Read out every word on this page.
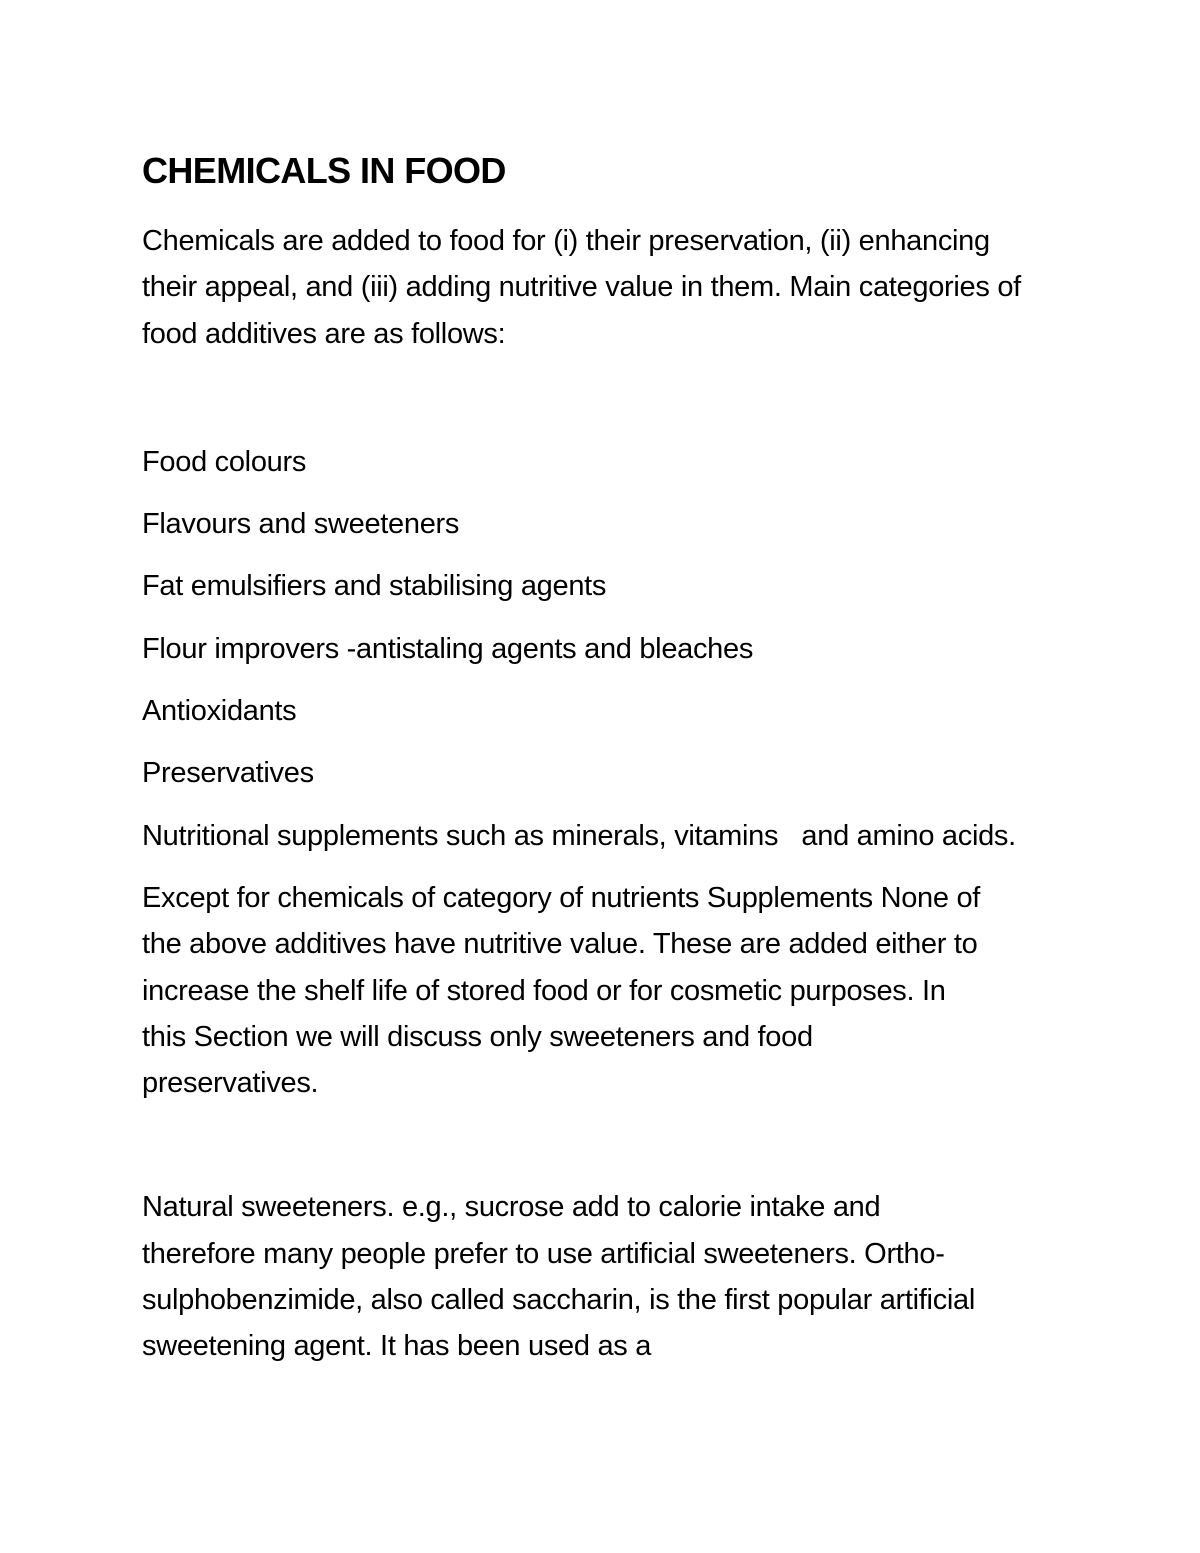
CHEMICALS IN FOOD

Chemicals are added to food for (i) their preservation, (ii) enhancing their appeal, and (iii) adding nutritive value in them. Main categories of food additives are as follows:

Food colours

Flavours and sweeteners

Fat emulsifiers and stabilising agents

Flour improvers -antistaling agents and bleaches

Antioxidants

Preservatives

Nutritional supplements such as minerals, vitamins   and amino acids.

Except for chemicals of category of nutrients Supplements None of the above additives have nutritive value. These are added either to increase the shelf life of stored food or for cosmetic purposes. In this Section we will discuss only sweeteners and food preservatives.

Natural sweeteners. e.g., sucrose add to calorie intake and therefore many people prefer to use artificial sweeteners. Ortho-sulphobenzimide, also called saccharin, is the first popular artificial sweetening agent. It has been used as a
